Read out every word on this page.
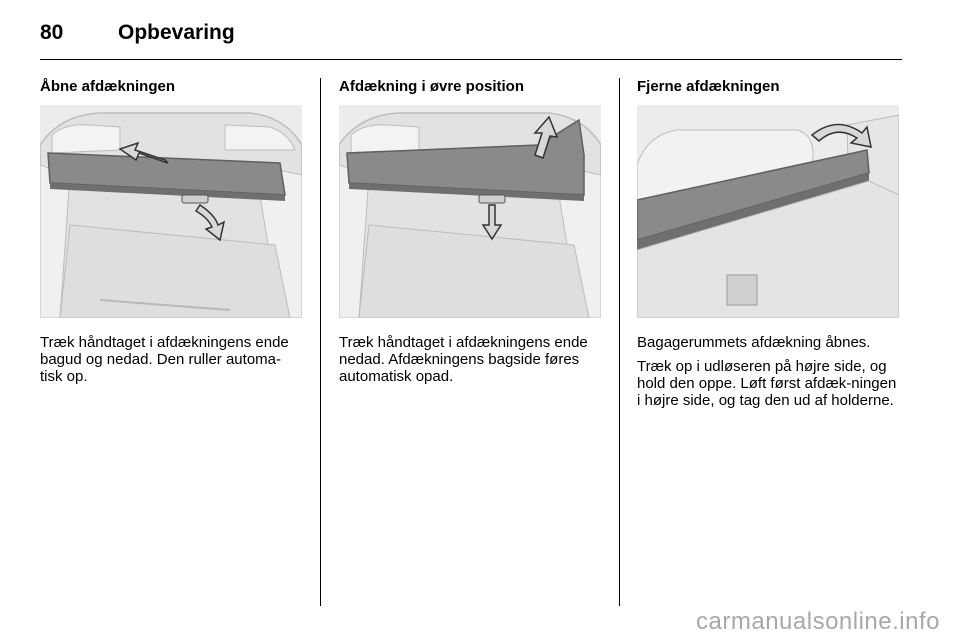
80	Opbevaring
Åbne afdækningen

Træk håndtaget i afdækningens ende bagud og nedad. Den ruller automa-tisk op.

Afdækning i øvre position

Træk håndtaget i afdækningens ende nedad. Afdækningens bagside føres automatisk opad.

Fjerne afdækningen

Bagagerummets afdækning åbnes.

Træk op i udløseren på højre side, og hold den oppe. Løft først afdæk-ningen i højre side, og tag den ud af holderne.

carmanualsonline.info
